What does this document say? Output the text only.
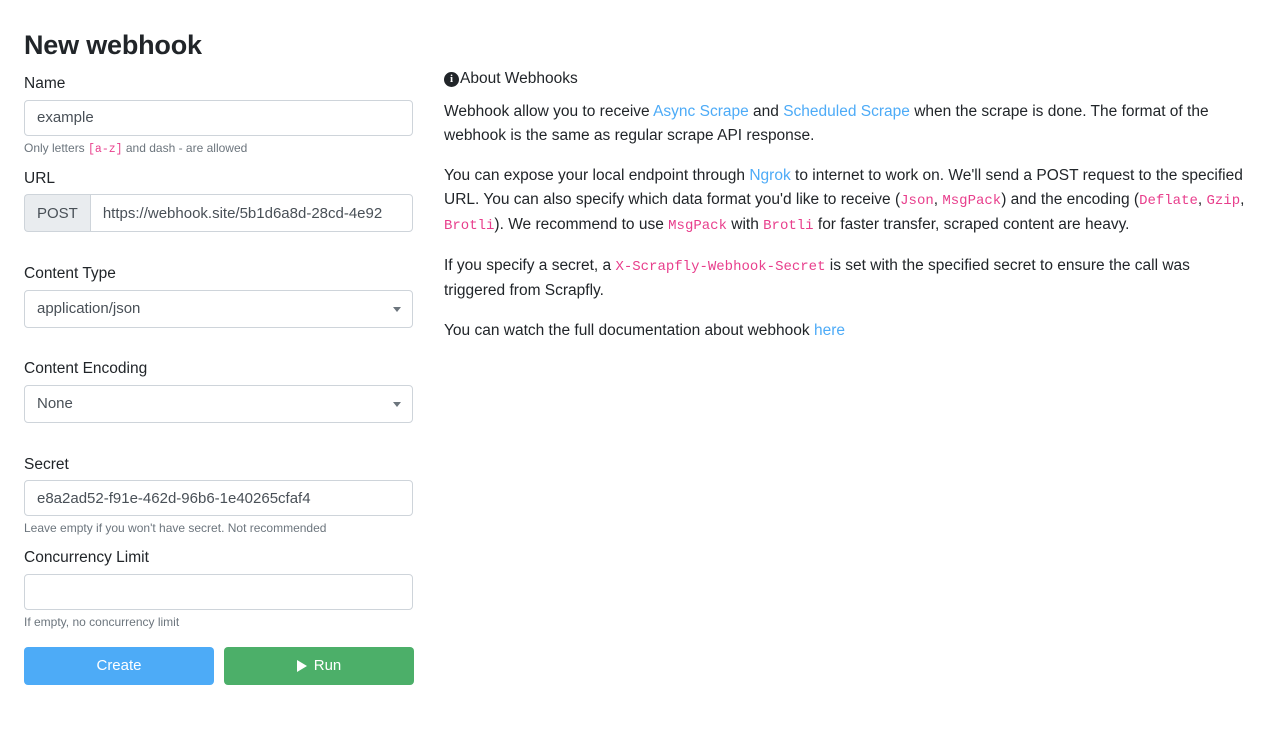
New webhook
Name
example
Only letters [a-z] and dash - are allowed
URL
POST
https://webhook.site/5b1d6a8d-28cd-4e92

Content Type
application/json

Content Encoding
None

Secret
e8a2ad52-f91e-462d-96b6-1e40265cfaf4
Leave empty if you won't have secret. Not recommended
Concurrency Limit
If empty, no concurrency limit
Create	Run
i About Webhooks

Webhook allow you to receive Async Scrape and Scheduled Scrape when the scrape is done. The format of the webhook is the same as regular scrape API response.

You can expose your local endpoint through Ngrok to internet to work on. We'll send a POST request to the specified URL. You can also specify which data format you'd like to receive (Json, MsgPack) and the encoding (Deflate, Gzip, Brotli). We recommend to use MsgPack with Brotli for faster transfer, scraped content are heavy.

If you specify a secret, a X-Scrapfly-Webhook-Secret is set with the specified secret to ensure the call was triggered from Scrapfly.

You can watch the full documentation about webhook here
